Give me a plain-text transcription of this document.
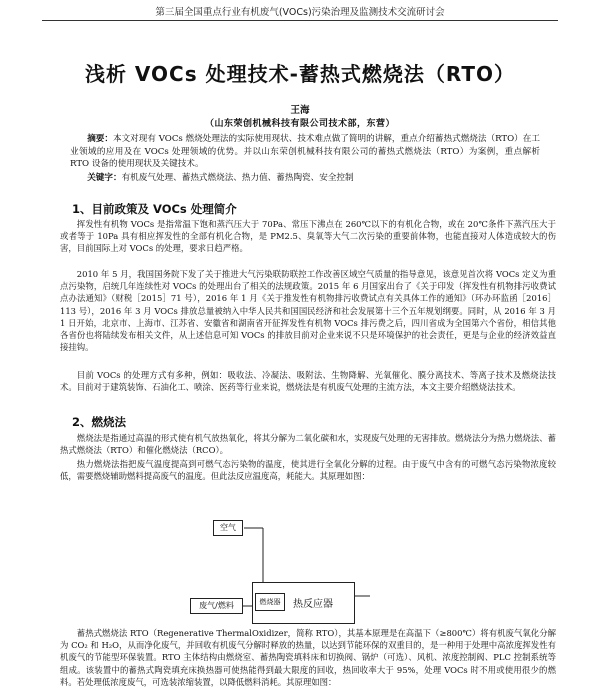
第三届全国重点行业有机废气(VOCs)污染治理及监测技术交流研讨会
浅析 VOCs 处理技术-蓄热式燃烧法（RTO）
王海
（山东荣创机械科技有限公司技术部，东营）
摘要：本文对现有 VOCs 燃烧处理法的实际使用现状、技术难点做了简明的讲解，重点介绍蓄热式燃烧法（RTO）在工业领域的应用及在 VOCs 处理领域的优势。并以山东荣创机械科技有限公司的蓄热式燃烧法（RTO）为案例，重点解析 RTO 设备的使用现状及关键技术。
关键字：有机废气处理、蓄热式燃烧法、热力值、蓄热陶瓷、安全控制
1、目前政策及 VOCs 处理简介
挥发性有机物 VOCs 是指常温下饱和蒸汽压大于 70Pa、常压下沸点在 260℃以下的有机化合物，或在 20℃条件下蒸汽压大于或者等于 10Pa 具有相应挥发性的全部有机化合物，是 PM2.5、臭氧等大气二次污染的重要前体物，也能直接对人体造成较大的伤害，目前国际上对 VOCs 的处理，要求日趋严格。
2010 年 5 月，我国国务院下发了关于推进大气污染联防联控工作改善区域空气质量的指导意见，该意见首次将 VOCs 定义为重点污染物，启统几年连续性对 VOCs 的处理出台了相关的法规政策。2015 年 6 月国家出台了《关于印发（挥发性有机物排污收费试点办法通知》（财税［2015］71 号），2016 年 1 月《关于推发性有机物排污收费试点有关具体工作的通知》（环办环监函［2016］113 号），2016 年 3 月 VOCs 排放总量被纳入中华人民共和国国民经济和社会发展第十三个五年规划纲要。同时，从 2016 年 3 月 1 日开始，北京市、上海市、江苏省、安徽省和湖南省开征挥发性有机物 VOCs 排污费之后，四川省成为全国第六个省份，相信其他各省份也将陆续发布相关文件，从上述信息可知 VOCs 的排放目前对企业来说不只是环境保护的社会责任，更是与企业的经济效益直接挂钩。
目前 VOCs 的处理方式有多种，例如：吸收法、冷凝法、吸附法、生物降解、光氧催化、膜分离技术、等离子技术及燃烧法技术。目前对于建筑装饰、石油化工、喷涂、医药等行业来说，燃烧法是有机废气处理的主流方法，本文主要介绍燃烧法技术。
2、燃烧法
燃烧法是指通过高温的形式使有机气放热氧化，将其分解为二氧化碳和水，实现废气处理的无害排放。燃烧法分为热力燃烧法、蓄热式燃烧法（RTO）和催化燃烧法（RCO）。
热力燃烧法指把废气温度提高到可燃气态污染物的温度，使其进行全氧化分解的过程。由于废气中含有的可燃气态污染物浓度较低，需要燃烧辅助燃料提高废气的温度。但此法反应温度高，耗能大。其原理如图：
空气
废气/燃料	燃烧器	热反应器
蓄热式燃烧法 RTO（Regenerative ThermalOxidizer，简称 RTO），其基本原理是在高温下（≥800℃）将有机废气氧化分解为 CO₂ 和 H₂O，从而净化废气，并回收有机废气分解时释放的热量，以达到节能环保的双重目的，是一种用于处理中高浓度挥发性有机废气的节能型环保装置。RTO 主体结构由燃烧室、蓄热陶瓷填料床和切换阀、锅炉（可选）、风机、浓度控制阀、PLC 控制系统等组成。该装置中的蓄热式陶瓷填充床换热器可使热能得到最大限度的回收，热回收率大于 95%，处理 VOCs 时不用或使用很少的燃料。若处理低浓度废气，可选装浓缩装置，以降低燃料消耗。其原理如图：
